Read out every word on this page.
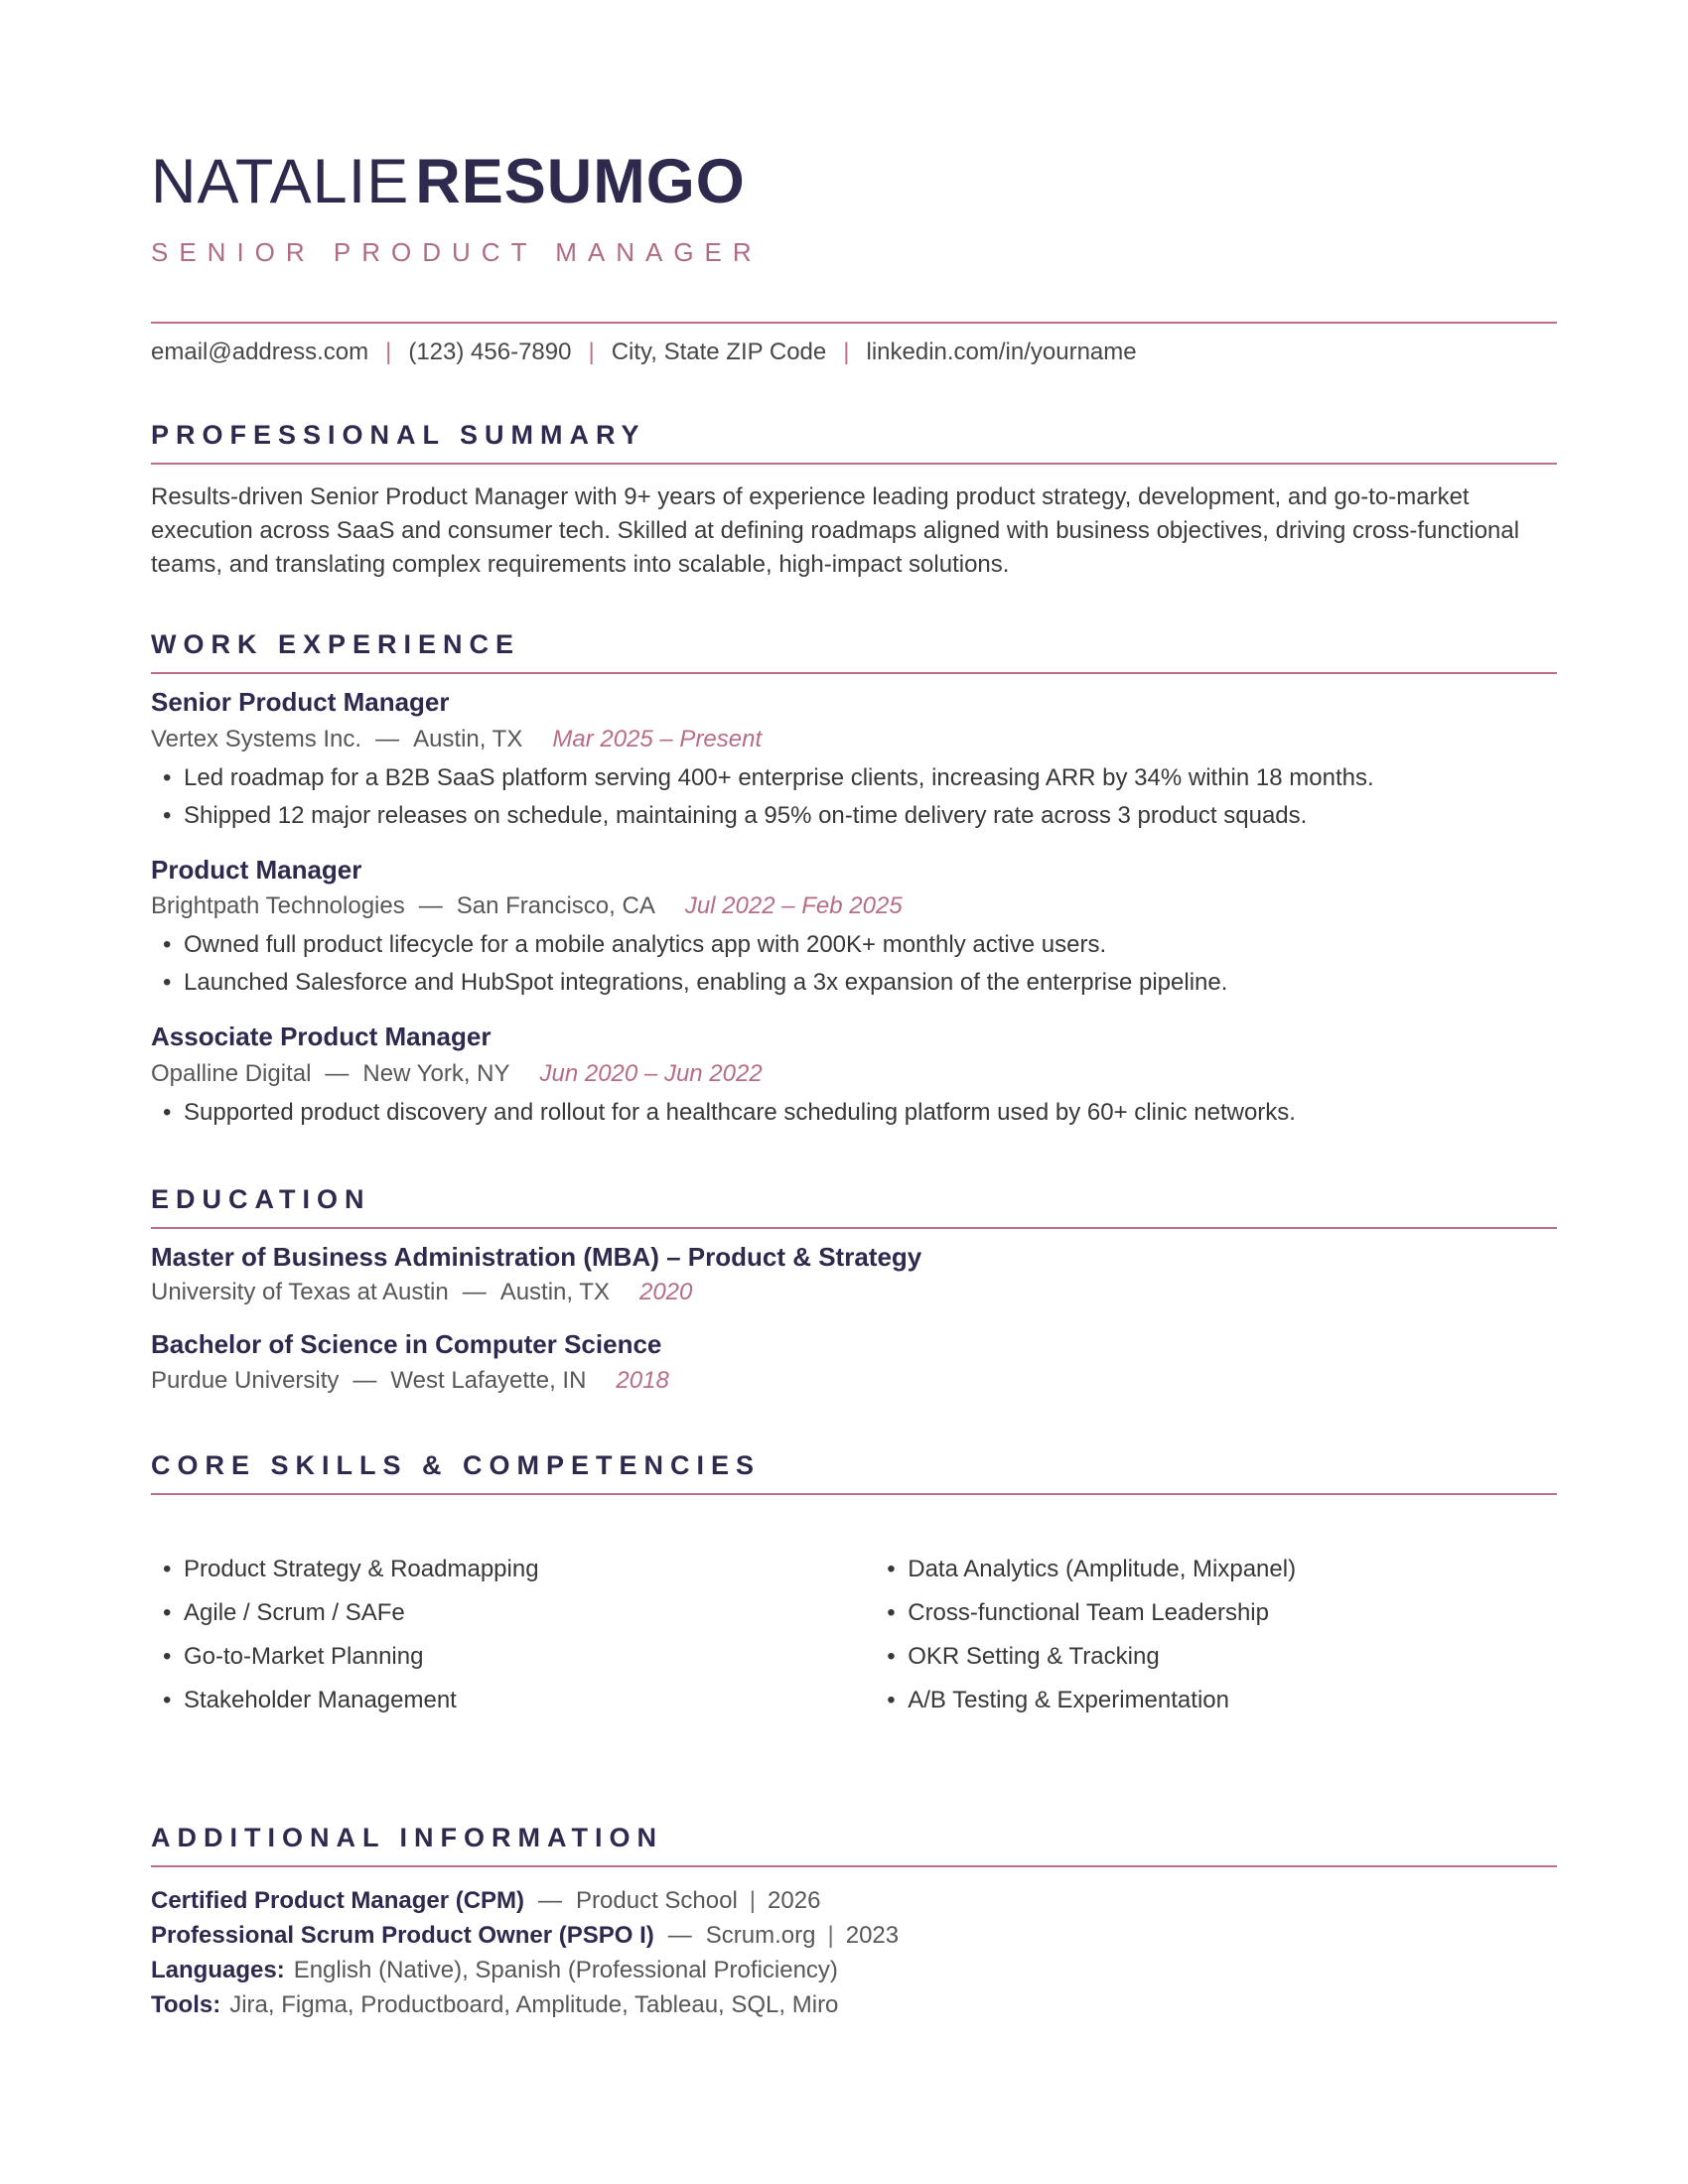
NATALIERESUMGO
SENIOR PRODUCT MANAGER
email@address.com | (123) 456-7890 | City, State ZIP Code | linkedin.com/in/yourname
PROFESSIONAL SUMMARY

Results-driven Senior Product Manager with 9+ years of experience leading product strategy, development, and go-to-market execution across SaaS and consumer tech. Skilled at defining roadmaps aligned with business objectives, driving cross-functional teams, and translating complex requirements into scalable, high-impact solutions.

WORK EXPERIENCE
Senior Product Manager
Vertex Systems Inc. — Austin, TX Mar 2025 – Present
• Led roadmap for a B2B SaaS platform serving 400+ enterprise clients, increasing ARR by 34% within 18 months.
• Shipped 12 major releases on schedule, maintaining a 95% on-time delivery rate across 3 product squads.
Product Manager
Brightpath Technologies — San Francisco, CA Jul 2022 – Feb 2025
• Owned full product lifecycle for a mobile analytics app with 200K+ monthly active users.
• Launched Salesforce and HubSpot integrations, enabling a 3x expansion of the enterprise pipeline.
Associate Product Manager
Opalline Digital — New York, NY Jun 2020 – Jun 2022
• Supported product discovery and rollout for a healthcare scheduling platform used by 60+ clinic networks.
EDUCATION
Master of Business Administration (MBA) – Product & Strategy
University of Texas at Austin — Austin, TX 2020
Bachelor of Science in Computer Science
Purdue University — West Lafayette, IN 2018
CORE SKILLS & COMPETENCIES
• Product Strategy & Roadmapping
• Agile / Scrum / SAFe
• Go-to-Market Planning
• Stakeholder Management
• Data Analytics (Amplitude, Mixpanel)
• Cross-functional Team Leadership
• OKR Setting & Tracking
• A/B Testing & Experimentation
ADDITIONAL INFORMATION
Certified Product Manager (CPM) — Product School | 2026
Professional Scrum Product Owner (PSPO I) — Scrum.org | 2023
Languages: English (Native), Spanish (Professional Proficiency)
Tools: Jira, Figma, Productboard, Amplitude, Tableau, SQL, Miro
